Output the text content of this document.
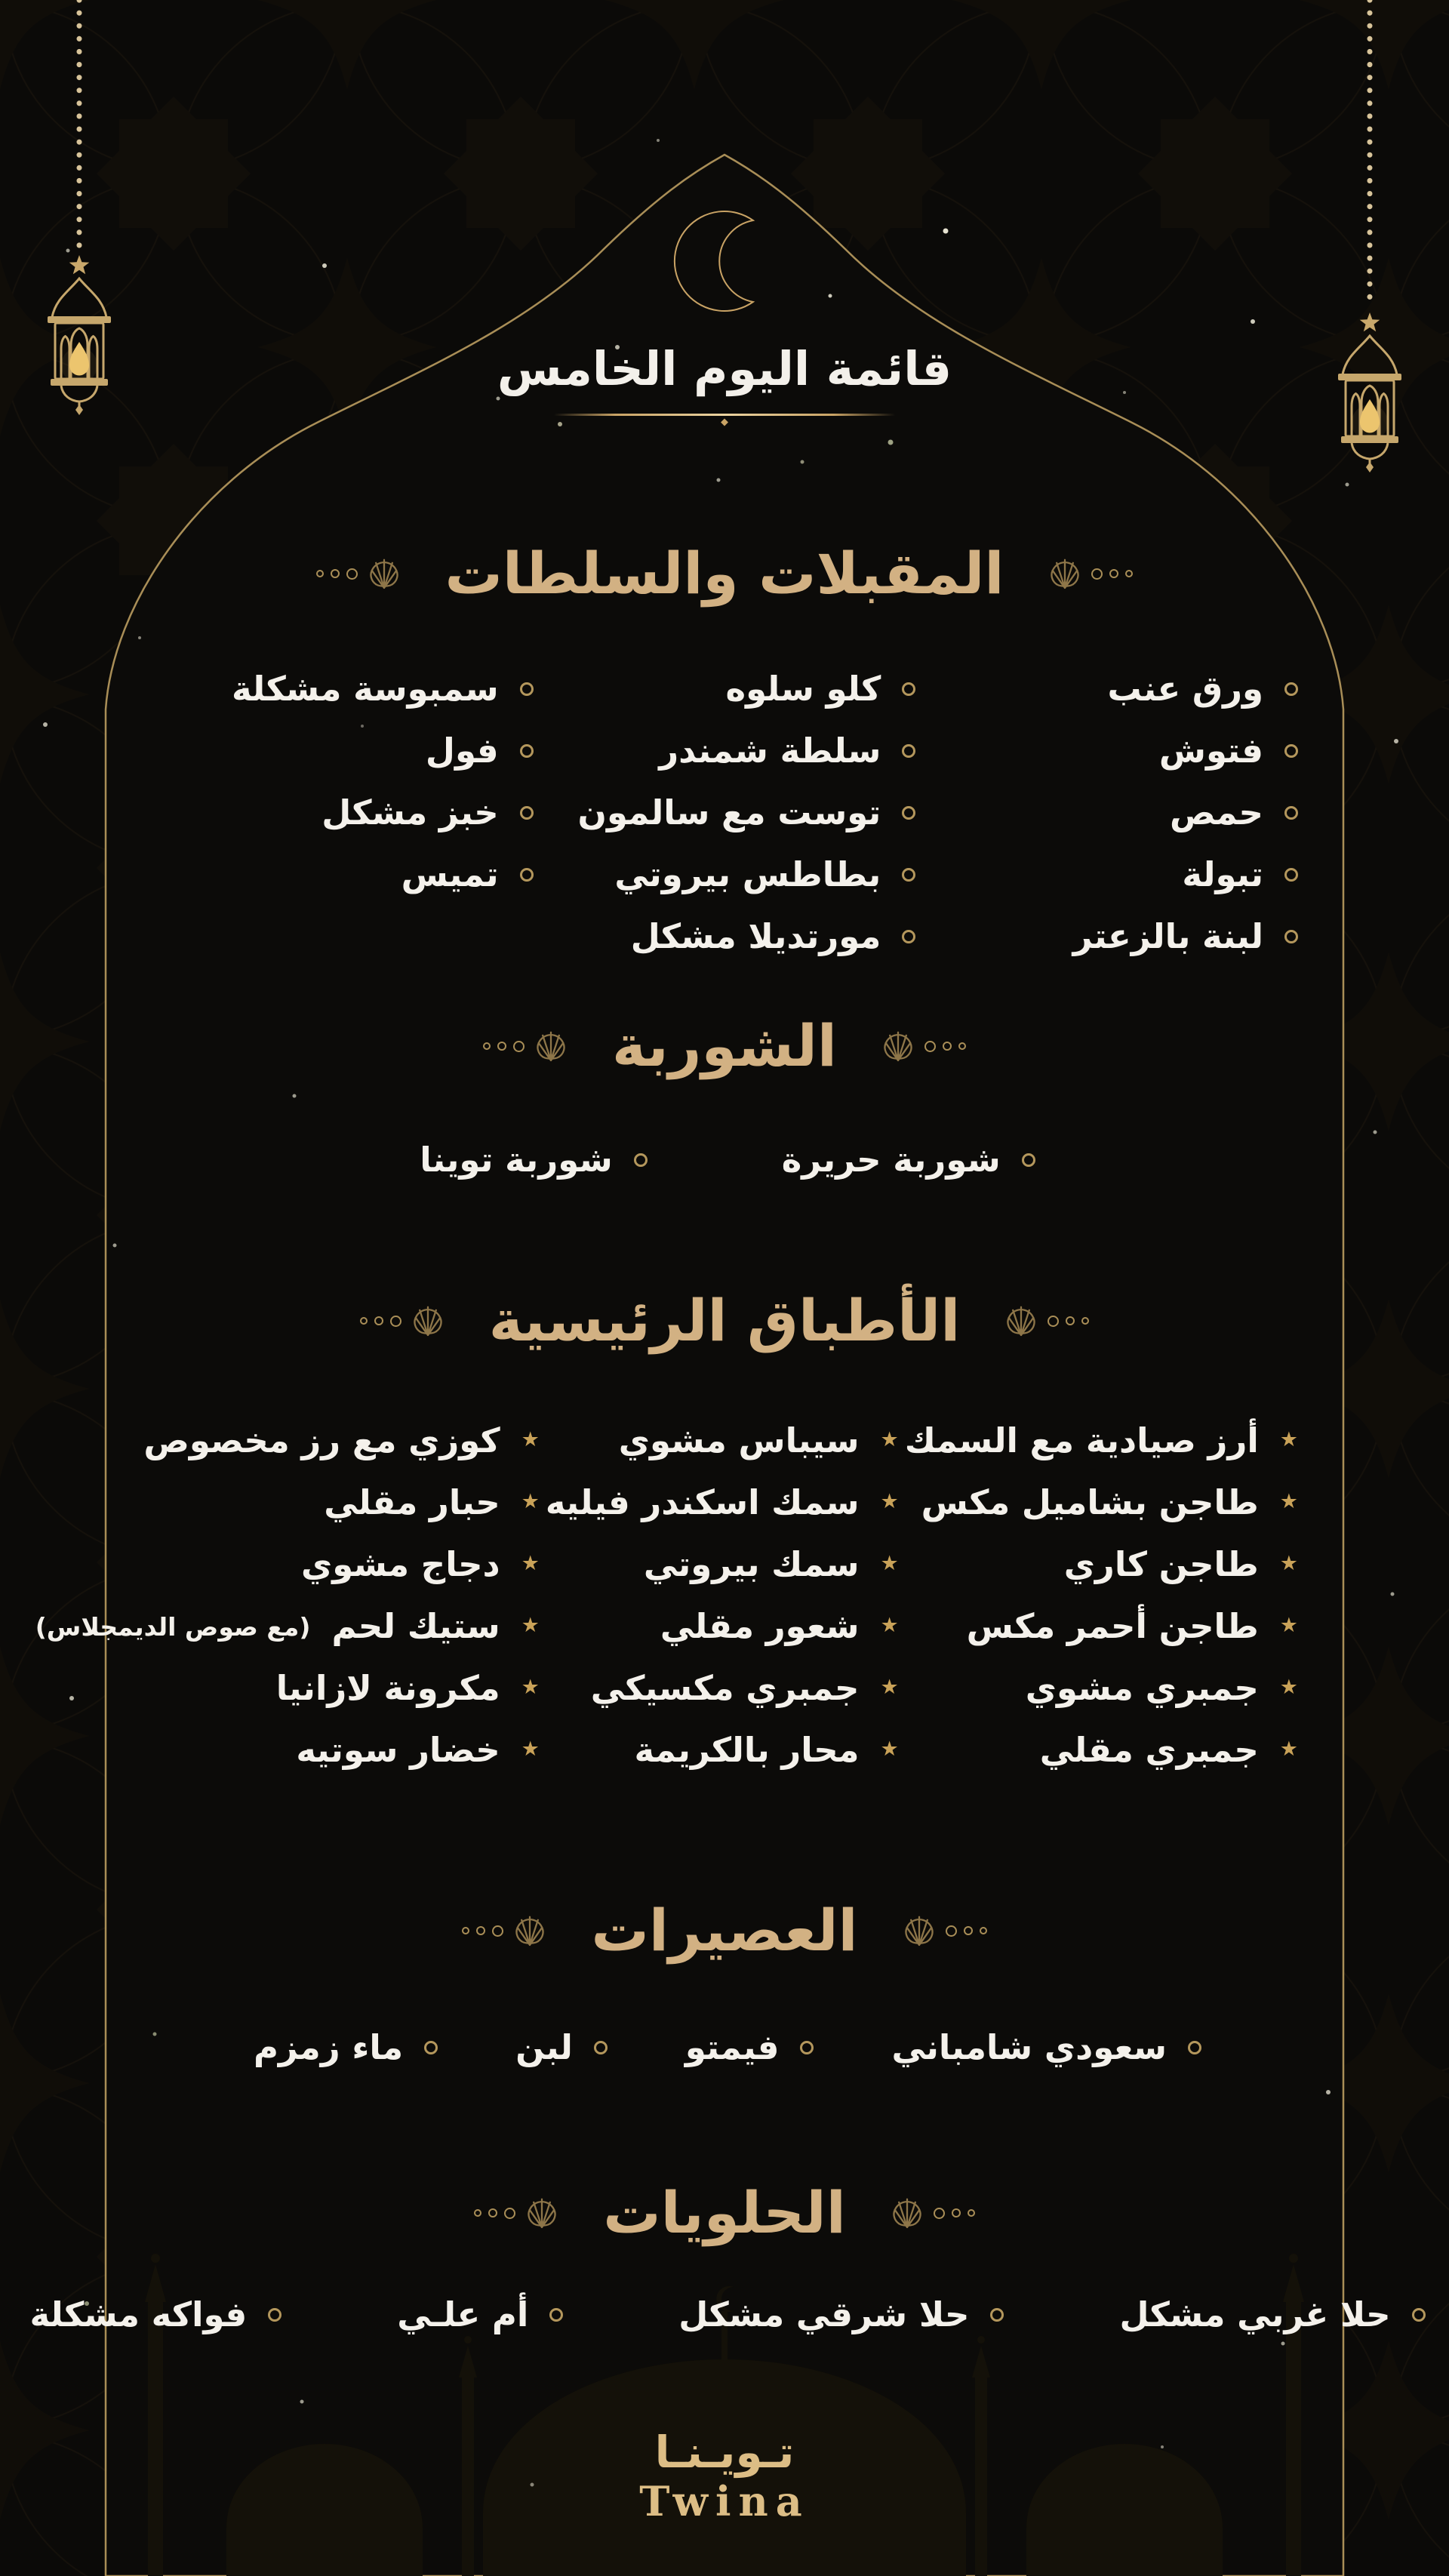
قائمة اليوم الخامس
المقبلات والسلطات
ورق عنب
فتوش
حمص
تبولة
لبنة بالزعتر
كلو سلوه
سلطة شمندر
توست مع سالمون
بطاطس بيروتي
مورتديلا مشكل
سمبوسة مشكلة
فول
خبز مشكل
تميس
الشوربة
شوربة حريرة
شوربة توينا
الأطباق الرئيسية
★
أرز صيادية مع السمك
★
طاجن بشاميل مكس
★
طاجن كاري
★
طاجن أحمر مكس
★
جمبري مشوي
★
جمبري مقلي
★
سيباس مشوي
★
سمك اسكندر فيليه
★
سمك بيروتي
★
شعور مقلي
★
جمبري مكسيكي
★
محار بالكريمة
★
كوزي مع رز مخصوص
★
حبار مقلي
★
دجاج مشوي
★
ستيك لحم
(مع صوص الديمجلاس)
★
مكرونة لازانيا
★
خضار سوتيه
العصيرات
سعودي شامباني
فيمتو
لبن
ماء زمزم
الحلويات
حلا غربي مشكل
حلا شرقي مشكل
أم علـي
فواكه مشكلة

تـويـنـا

Twina
